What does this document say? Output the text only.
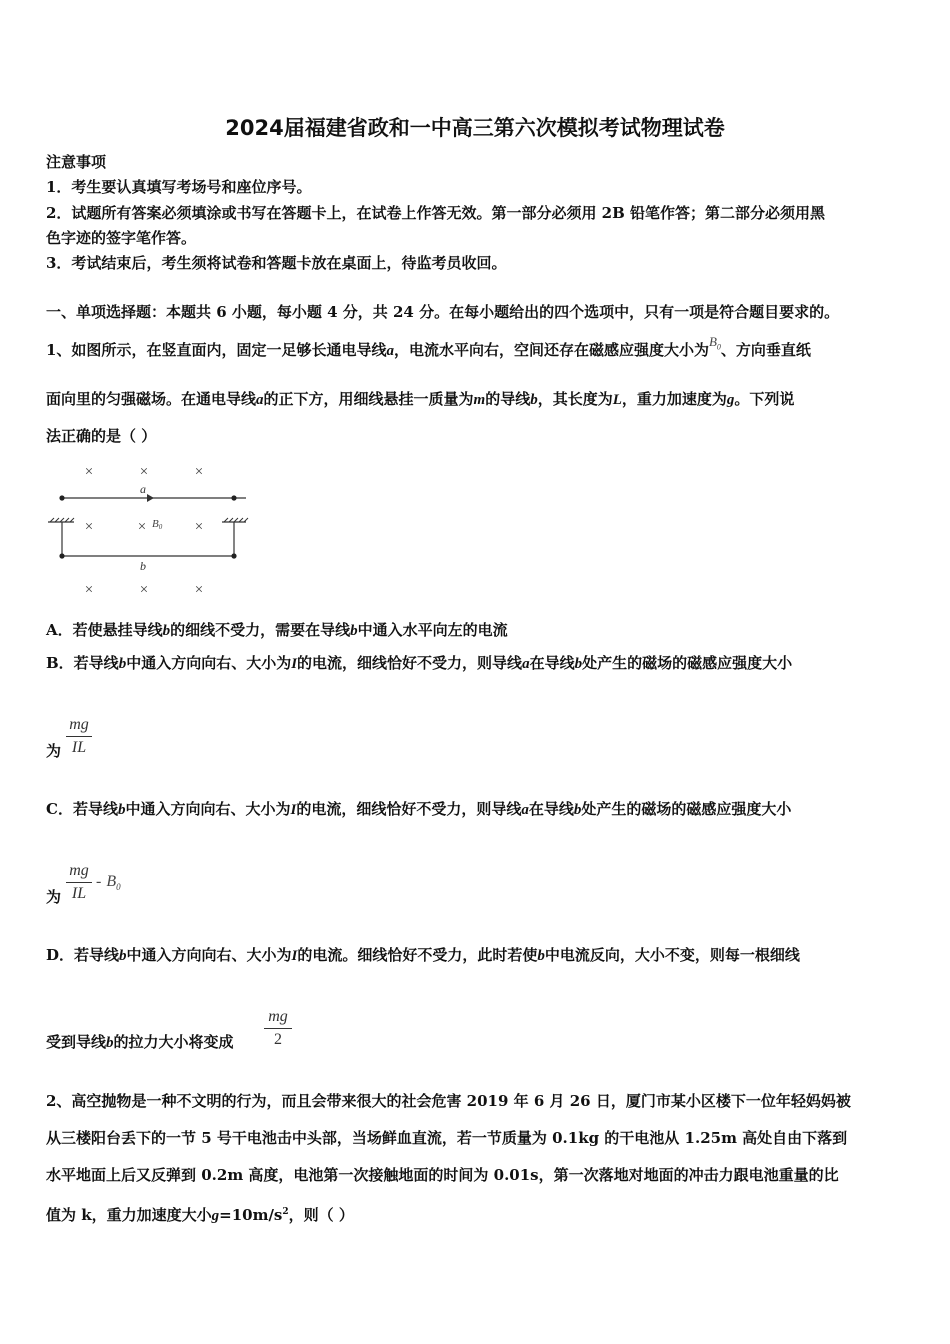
2024届福建省政和一中高三第六次模拟考试物理试卷
注意事项
1．考生要认真填写考场号和座位序号。
2．试题所有答案必须填涂或书写在答题卡上，在试卷上作答无效。第一部分必须用 2B 铅笔作答；第二部分必须用黑
色字迹的签字笔作答。
3．考试结束后，考生须将试卷和答题卡放在桌面上，待监考员收回。
一、单项选择题：本题共 6 小题，每小题 4 分，共 24 分。在每小题给出的四个选项中，只有一项是符合题目要求的。
1、如图所示，在竖直面内，固定一足够长通电导线a，电流水平向右，空间还存在磁感应强度大小为$B_0$、方向垂直纸
面向里的匀强磁场。在通电导线a的正下方，用细线悬挂一质量为m的导线b，其长度为L，重力加速度为g。下列说
法正确的是（ ）
×	×	×
×	×	×
×	×	×
a
b
B0
A．若使悬挂导线b的细线不受力，需要在导线b中通入水平向左的电流
B．若导线b中通入方向向右、大小为I的电流，细线恰好不受力，则导线a在导线b处产生的磁场的磁感应强度大小
为
mg
IL
C．若导线b中通入方向向右、大小为I的电流，细线恰好不受力，则导线a在导线b处产生的磁场的磁感应强度大小
为
mg
IL
- $B_0$
D．若导线b中通入方向向右、大小为I的电流。细线恰好不受力，此时若使b中电流反向，大小不变，则每一根细线
受到导线b的拉力大小将变成
mg
2
2、高空抛物是一种不文明的行为，而且会带来很大的社会危害 2019 年 6 月 26 日，厦门市某小区楼下一位年轻妈妈被
从三楼阳台丢下的一节 5 号干电池击中头部，当场鲜血直流，若一节质量为 0.1kg 的干电池从 1.25m 高处自由下落到
水平地面上后又反弹到 0.2m 高度，电池第一次接触地面的时间为 0.01s，第一次落地对地面的冲击力跟电池重量的比
值为 k，重力加速度大小$g=10m/s^2$，则（ ）
